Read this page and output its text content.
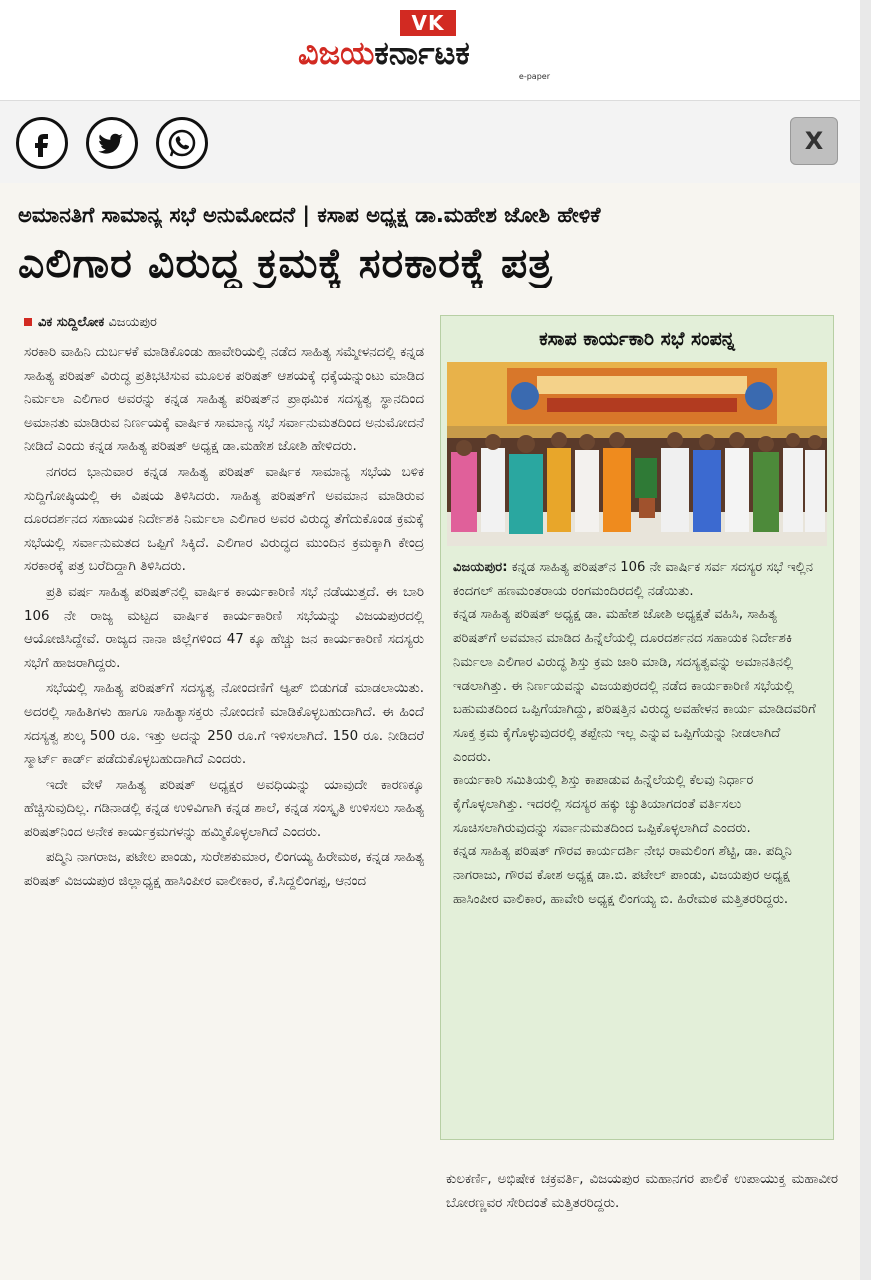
VK
ವಿಜಯಕರ್ನಾಟಕ
e-paper
X
ಅಮಾನತಿಗೆ ಸಾಮಾನ್ಯ ಸಭೆ ಅನುಮೋದನೆ | ಕಸಾಪ ಅಧ್ಯಕ್ಷ ಡಾ.ಮಹೇಶ ಜೋಶಿ ಹೇಳಿಕೆ
ಎಲಿಗಾರ ವಿರುದ್ಧ ಕ್ರಮಕ್ಕೆ ಸರಕಾರಕ್ಕೆ ಪತ್ರ
ವಿಕ ಸುದ್ದಿಲೋಕ ವಿಜಯಪುರ

ಸರಕಾರಿ ವಾಹಿನಿ ದುರ್ಬಳಕೆ ಮಾಡಿಕೊಂಡು ಹಾವೇರಿಯಲ್ಲಿ ನಡೆದ ಸಾಹಿತ್ಯ ಸಮ್ಮೇಳನದಲ್ಲಿ ಕನ್ನಡ ಸಾಹಿತ್ಯ ಪರಿಷತ್ ವಿರುದ್ಧ ಪ್ರತಿಭಟಿಸುವ ಮೂಲಕ ಪರಿಷತ್ ಆಶಯಕ್ಕೆ ಧಕ್ಕೆಯನ್ನುಂಟು ಮಾಡಿದ ನಿರ್ಮಲಾ ಎಲಿಗಾರ ಅವರನ್ನು ಕನ್ನಡ ಸಾಹಿತ್ಯ ಪರಿಷತ್‌ನ ಪ್ರಾಥಮಿಕ ಸದಸ್ಯತ್ವ ಸ್ಥಾನದಿಂದ ಅಮಾನತು ಮಾಡಿರುವ ನಿರ್ಣಯಕ್ಕೆ ವಾರ್ಷಿಕ ಸಾಮಾನ್ಯ ಸಭೆ ಸರ್ವಾನುಮತದಿಂದ ಅನುಮೋದನೆ ನೀಡಿದೆ ಎಂದು ಕನ್ನಡ ಸಾಹಿತ್ಯ ಪರಿಷತ್ ಅಧ್ಯಕ್ಷ ಡಾ.ಮಹೇಶ ಜೋಶಿ ಹೇಳಿದರು.

ನಗರದ ಭಾನುವಾರ ಕನ್ನಡ ಸಾಹಿತ್ಯ ಪರಿಷತ್ ವಾರ್ಷಿಕ ಸಾಮಾನ್ಯ ಸಭೆಯ ಬಳಿಕ ಸುದ್ದಿಗೋಷ್ಠಿಯಲ್ಲಿ ಈ ವಿಷಯ ತಿಳಿಸಿದರು. ಸಾಹಿತ್ಯ ಪರಿಷತ್‌ಗೆ ಅವಮಾನ ಮಾಡಿರುವ ದೂರದರ್ಶನದ ಸಹಾಯಕ ನಿರ್ದೇಶಕಿ ನಿರ್ಮಲಾ ಎಲಿಗಾರ ಅವರ ವಿರುದ್ಧ ತೆಗೆದುಕೊಂಡ ಕ್ರಮಕ್ಕೆ ಸಭೆಯಲ್ಲಿ ಸರ್ವಾನುಮತದ ಒಪ್ಪಿಗೆ ಸಿಕ್ಕಿದೆ. ಎಲಿಗಾರ ವಿರುದ್ಧದ ಮುಂದಿನ ಕ್ರಮಕ್ಕಾಗಿ ಕೇಂದ್ರ ಸರಕಾರಕ್ಕೆ ಪತ್ರ ಬರೆದಿದ್ದಾಗಿ ತಿಳಿಸಿದರು.

ಪ್ರತಿ ವರ್ಷ ಸಾಹಿತ್ಯ ಪರಿಷತ್‌ನಲ್ಲಿ ವಾರ್ಷಿಕ ಕಾರ್ಯಕಾರಿಣಿ ಸಭೆ ನಡೆಯುತ್ತದೆ. ಈ ಬಾರಿ 106 ನೇ ರಾಜ್ಯ ಮಟ್ಟದ ವಾರ್ಷಿಕ ಕಾರ್ಯಕಾರಿಣಿ ಸಭೆಯನ್ನು ವಿಜಯಪುರದಲ್ಲಿ ಆಯೋಜಿಸಿದ್ದೇವೆ. ರಾಜ್ಯದ ನಾನಾ ಜಿಲ್ಲೆಗಳಿಂದ 47 ಕ್ಕೂ ಹೆಚ್ಚು ಜನ ಕಾರ್ಯಕಾರಿಣಿ ಸದಸ್ಯರು ಸಭೆಗೆ ಹಾಜರಾಗಿದ್ದರು.

ಸಭೆಯಲ್ಲಿ ಸಾಹಿತ್ಯ ಪರಿಷತ್‌ಗೆ ಸದಸ್ಯತ್ವ ನೋಂದಣಿಗೆ ಆ್ಯಪ್ ಬಿಡುಗಡೆ ಮಾಡಲಾಯಿತು. ಅದರಲ್ಲಿ ಸಾಹಿತಿಗಳು ಹಾಗೂ ಸಾಹಿತ್ಯಾಸಕ್ತರು ನೋಂದಣಿ ಮಾಡಿಕೊಳ್ಳಬಹುದಾಗಿದೆ. ಈ ಹಿಂದೆ ಸದಸ್ಯತ್ವ ಶುಲ್ಕ 500 ರೂ. ಇತ್ತು ಅದನ್ನು 250 ರೂ.ಗೆ ಇಳಿಸಲಾಗಿದೆ. 150 ರೂ. ನೀಡಿದರೆ ಸ್ಮಾರ್ಟ್ ಕಾರ್ಡ್ ಪಡೆದುಕೊಳ್ಳಬಹುದಾಗಿದೆ ಎಂದರು.

ಇದೇ ವೇಳೆ ಸಾಹಿತ್ಯ ಪರಿಷತ್ ಅಧ್ಯಕ್ಷರ ಅವಧಿಯನ್ನು ಯಾವುದೇ ಕಾರಣಕ್ಕೂ ಹೆಚ್ಚಿಸುವುದಿಲ್ಲ. ಗಡಿನಾಡಲ್ಲಿ ಕನ್ನಡ ಉಳಿವಿಗಾಗಿ ಕನ್ನಡ ಶಾಲೆ, ಕನ್ನಡ ಸಂಸ್ಕೃತಿ ಉಳಿಸಲು ಸಾಹಿತ್ಯ ಪರಿಷತ್‌ನಿಂದ ಅನೇಕ ಕಾರ್ಯಕ್ರಮಗಳನ್ನು ಹಮ್ಮಿಕೊಳ್ಳಲಾಗಿದೆ ಎಂದರು.

ಪದ್ಮಿನಿ ನಾಗರಾಜ, ಪಟೇಲ ಪಾಂಡು, ಸುರೇಶಕುಮಾರ, ಲಿಂಗಯ್ಯ ಹಿರೇಮಠ, ಕನ್ನಡ ಸಾಹಿತ್ಯ ಪರಿಷತ್ ವಿಜಯಪುರ ಜಿಲ್ಲಾಧ್ಯಕ್ಷ ಹಾಸಿಂಪೀರ ವಾಲೀಕಾರ, ಕೆ.ಸಿದ್ದಲಿಂಗಪ್ಪ, ಆನಂದ

ಕಸಾಪ ಕಾರ್ಯಕಾರಿ ಸಭೆ ಸಂಪನ್ನ

ವಿಜಯಪುರ: ಕನ್ನಡ ಸಾಹಿತ್ಯ ಪರಿಷತ್‌ನ 106 ನೇ ವಾರ್ಷಿಕ ಸರ್ವ ಸದಸ್ಯರ ಸಭೆ ಇಲ್ಲಿನ ಕಂದಗಲ್ ಹಣಮಂತರಾಯ ರಂಗಮಂದಿರದಲ್ಲಿ ನಡೆಯಿತು.

ಕನ್ನಡ ಸಾಹಿತ್ಯ ಪರಿಷತ್ ಅಧ್ಯಕ್ಷ ಡಾ. ಮಹೇಶ ಜೋಶಿ ಅಧ್ಯಕ್ಷತೆ ವಹಿಸಿ, ಸಾಹಿತ್ಯ ಪರಿಷತ್‌ಗೆ ಅವಮಾನ ಮಾಡಿದ ಹಿನ್ನೆಲೆಯಲ್ಲಿ ದೂರದರ್ಶನದ ಸಹಾಯಕ ನಿರ್ದೇಶಕಿ ನಿರ್ಮಲಾ ಎಲಿಗಾರ ವಿರುದ್ಧ ಶಿಸ್ತು ಕ್ರಮ ಜಾರಿ ಮಾಡಿ, ಸದಸ್ಯತ್ವವನ್ನು ಅಮಾನತಿನಲ್ಲಿ ಇಡಲಾಗಿತ್ತು. ಈ ನಿರ್ಣಯವನ್ನು ವಿಜಯಪುರದಲ್ಲಿ ನಡೆದ ಕಾರ್ಯಕಾರಿಣಿ ಸಭೆಯಲ್ಲಿ ಬಹುಮತದಿಂದ ಒಪ್ಪಿಗೆಯಾಗಿದ್ದು, ಪರಿಷತ್ತಿನ ವಿರುದ್ಧ ಅವಹೇಳನ ಕಾರ್ಯ ಮಾಡಿದವರಿಗೆ ಸೂಕ್ತ ಕ್ರಮ ಕೈಗೊಳ್ಳುವುದರಲ್ಲಿ ತಪ್ಪೇನು ಇಲ್ಲ ಎನ್ನುವ ಒಪ್ಪಿಗೆಯನ್ನು ನೀಡಲಾಗಿದೆ ಎಂದರು.

ಕಾರ್ಯಕಾರಿ ಸಮಿತಿಯಲ್ಲಿ ಶಿಸ್ತು ಕಾಪಾಡುವ ಹಿನ್ನೆಲೆಯಲ್ಲಿ ಕೆಲವು ನಿರ್ಧಾರ ಕೈಗೊಳ್ಳಲಾಗಿತ್ತು. ಇದರಲ್ಲಿ ಸದಸ್ಯರ ಹಕ್ಕು ಚ್ಯುತಿಯಾಗದಂತೆ ವರ್ತಿಸಲು ಸೂಚಿಸಲಾಗಿರುವುದನ್ನು ಸರ್ವಾನುಮತದಿಂದ ಒಪ್ಪಿಕೊಳ್ಳಲಾಗಿದೆ ಎಂದರು.

ಕನ್ನಡ ಸಾಹಿತ್ಯ ಪರಿಷತ್ ಗೌರವ ಕಾರ್ಯದರ್ಶಿ ನೇಭ ರಾಮಲಿಂಗ ಶೆಟ್ಟಿ, ಡಾ. ಪದ್ಮಿನಿ ನಾಗರಾಜು, ಗೌರವ ಕೋಶ ಅಧ್ಯಕ್ಷ ಡಾ.ಬಿ. ಪಟೇಲ್ ಪಾಂಡು, ವಿಜಯಪುರ ಅಧ್ಯಕ್ಷ ಹಾಸಿಂಪೀರ ವಾಲಿಕಾರ, ಹಾವೇರಿ ಅಧ್ಯಕ್ಷ ಲಿಂಗಯ್ಯ ಬಿ. ಹಿರೇಮಠ ಮತ್ತಿತರರಿದ್ದರು.

ಕುಲಕರ್ಣಿ, ಅಭಿಷೇಕ ಚಕ್ರವರ್ತಿ, ವಿಜಯಪುರ ಮಹಾನಗರ ಪಾಲಿಕೆ ಉಪಾಯುಕ್ತ ಮಹಾವೀರ ಬೋರಣ್ಣವರ ಸೇರಿದಂತೆ ಮತ್ತಿತರರಿದ್ದರು.
